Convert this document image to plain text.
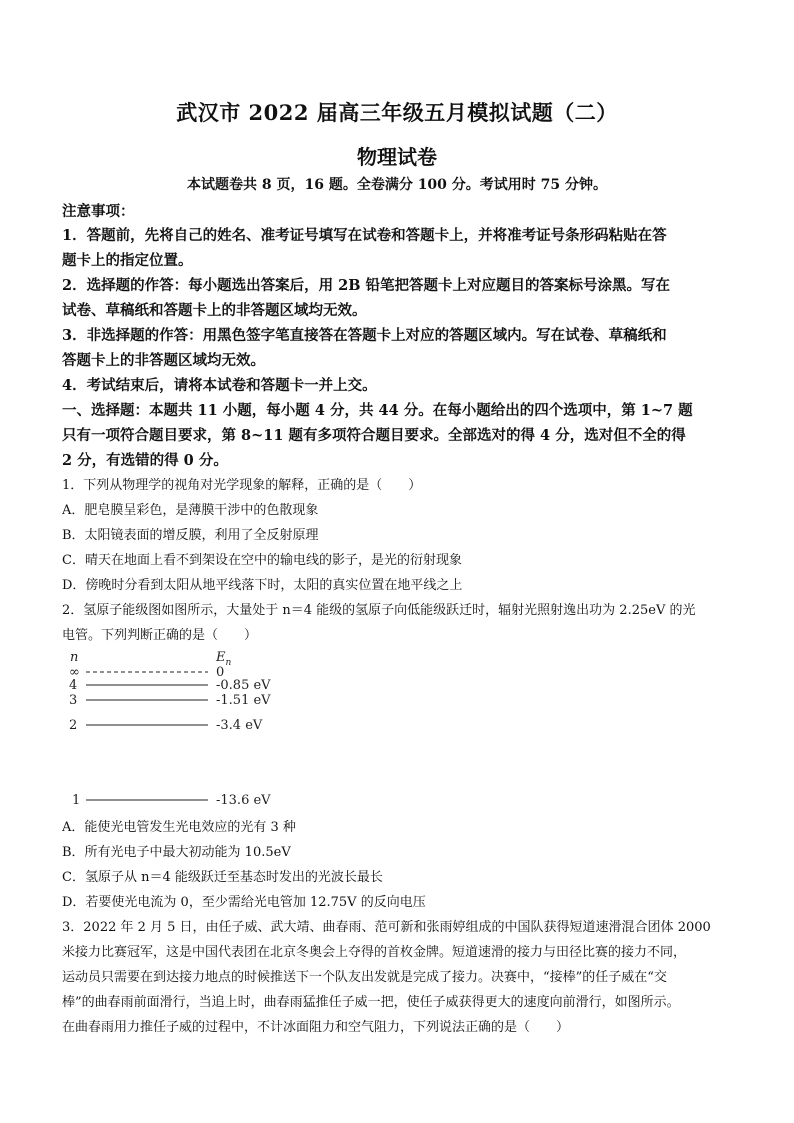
武汉市 2022 届高三年级五月模拟试题（二）
物理试卷
本试题卷共 8 页，16 题。全卷满分 100 分。考试用时 75 分钟。
注意事项：
1．答题前，先将自己的姓名、准考证号填写在试卷和答题卡上，并将准考证号条形码粘贴在答
题卡上的指定位置。
2．选择题的作答：每小题选出答案后，用 2B 铅笔把答题卡上对应题目的答案标号涂黑。写在
试卷、草稿纸和答题卡上的非答题区域均无效。
3．非选择题的作答：用黑色签字笔直接答在答题卡上对应的答题区域内。写在试卷、草稿纸和
答题卡上的非答题区域均无效。
4．考试结束后，请将本试卷和答题卡一并上交。
一、选择题：本题共 11 小题，每小题 4 分，共 44 分。在每小题给出的四个选项中，第 1~7 题
只有一项符合题目要求，第 8~11 题有多项符合题目要求。全部选对的得 4 分，选对但不全的得
2 分，有选错的得 0 分。
1．下列从物理学的视角对光学现象的解释，正确的是（　　）
A．肥皂膜呈彩色，是薄膜干涉中的色散现象
B．太阳镜表面的增反膜，利用了全反射原理
C．晴天在地面上看不到架设在空中的输电线的影子，是光的衍射现象
D．傍晚时分看到太阳从地平线落下时，太阳的真实位置在地平线之上
2．氢原子能级图如图所示，大量处于 n＝4 能级的氢原子向低能级跃迁时，辐射光照射逸出功为 2.25eV 的光
电管。下列判断正确的是（　　）
n	$E_n$
∞	0
4	-0.85 eV
3	-1.51 eV
2	-3.4 eV
1	-13.6 eV
A．能使光电管发生光电效应的光有 3 种
B．所有光电子中最大初动能为 10.5eV
C．氢原子从 n＝4 能级跃迁至基态时发出的光波长最长
D．若要使光电流为 0，至少需给光电管加 12.75V 的反向电压
3．2022 年 2 月 5 日，由任子威、武大靖、曲春雨、范可新和张雨婷组成的中国队获得短道速滑混合团体 2000
米接力比赛冠军，这是中国代表团在北京冬奥会上夺得的首枚金牌。短道速滑的接力与田径比赛的接力不同，
运动员只需要在到达接力地点的时候推送下一个队友出发就是完成了接力。决赛中，“接棒”的任子威在“交
棒”的曲春雨前面滑行，当追上时，曲春雨猛推任子威一把，使任子威获得更大的速度向前滑行，如图所示。
在曲春雨用力推任子威的过程中，不计冰面阻力和空气阻力，下列说法正确的是（　　）
